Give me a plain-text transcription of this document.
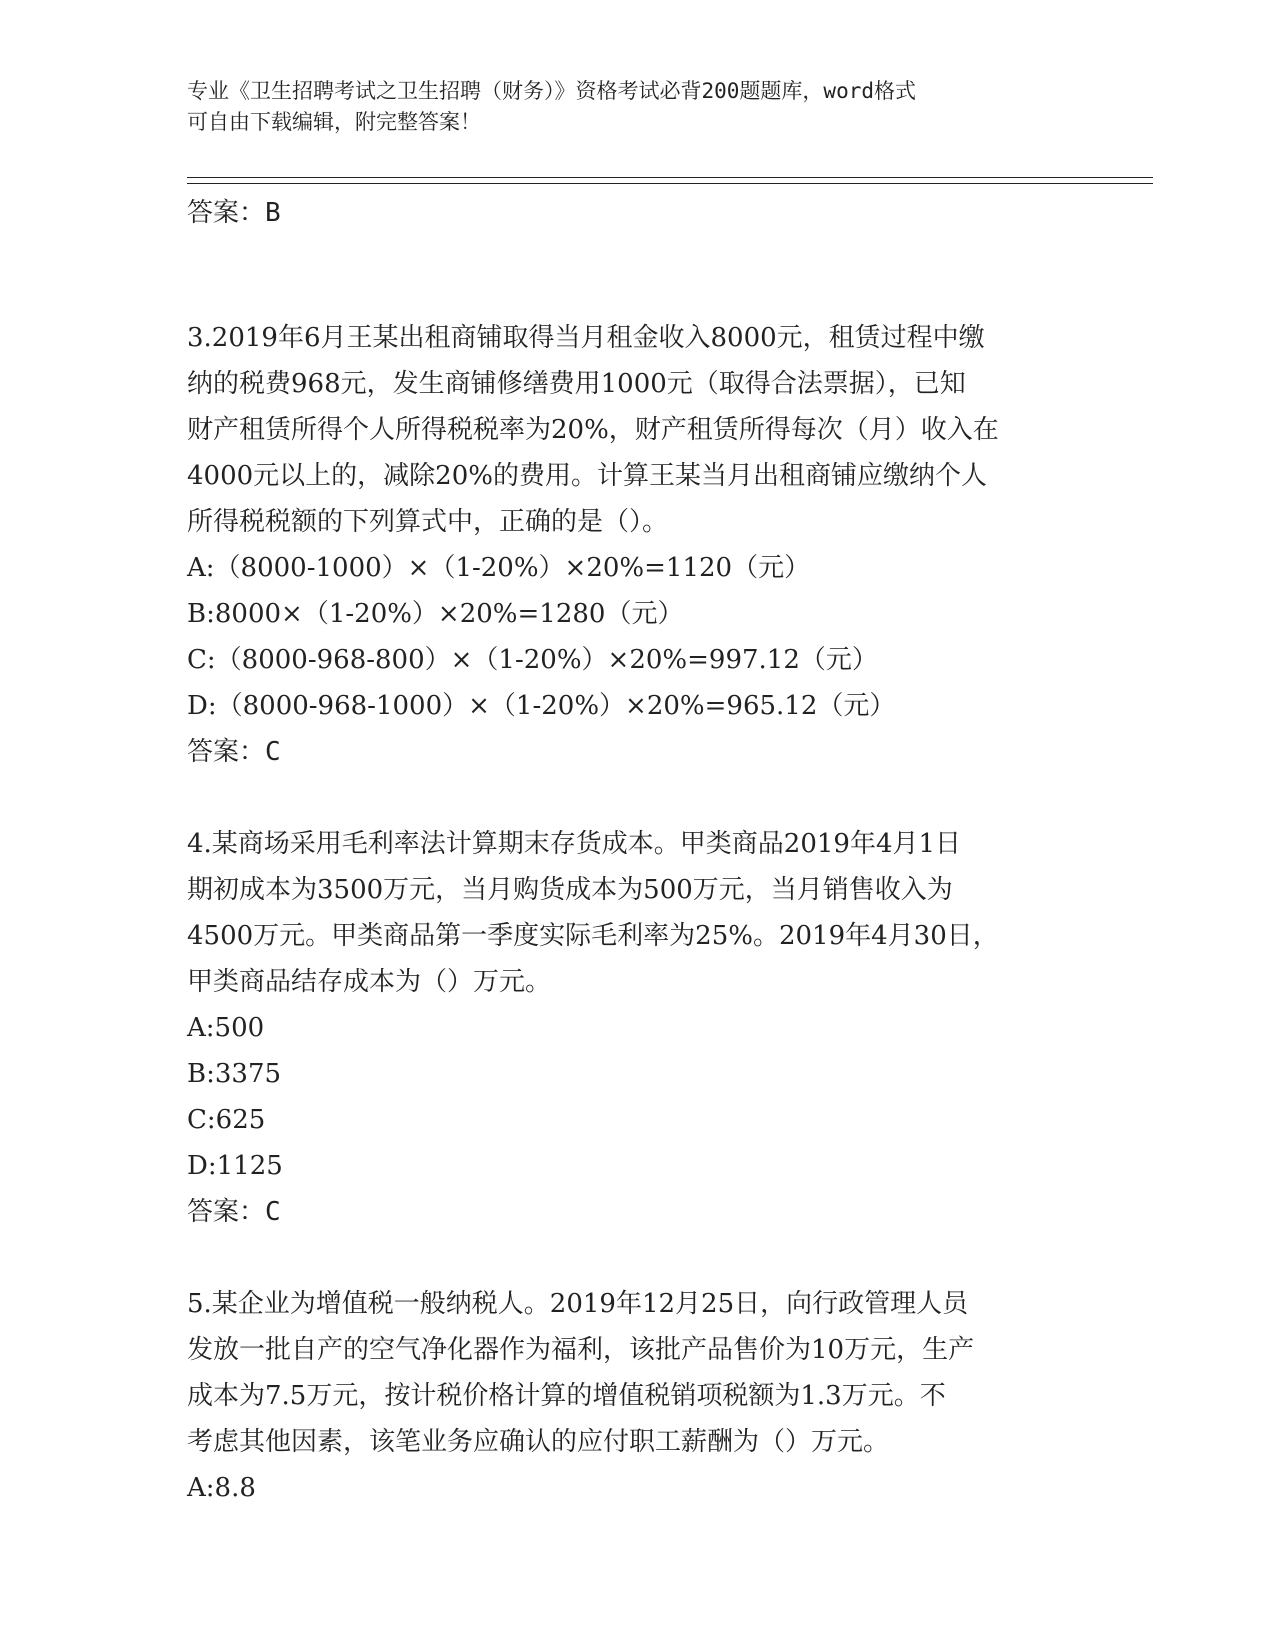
专业《卫生招聘考试之卫生招聘（财务）》资格考试必背200题题库，word格式
可自由下载编辑，附完整答案！
答案：B
3.2019年6月王某出租商铺取得当月租金收入8000元，租赁过程中缴
纳的税费968元，发生商铺修缮费用1000元（取得合法票据），已知
财产租赁所得个人所得税税率为20%，财产租赁所得每次（月）收入在
4000元以上的，减除20%的费用。计算王某当月出租商铺应缴纳个人
所得税税额的下列算式中，正确的是（）。
A:（8000-1000）×（1-20%）×20%=1120（元）
B:8000×（1-20%）×20%=1280（元）
C:（8000-968-800）×（1-20%）×20%=997.12（元）
D:（8000-968-1000）×（1-20%）×20%=965.12（元）
答案：C
4.某商场采用毛利率法计算期末存货成本。甲类商品2019年4月1日
期初成本为3500万元，当月购货成本为500万元，当月销售收入为
4500万元。甲类商品第一季度实际毛利率为25%。2019年4月30日，
甲类商品结存成本为（）万元。
A:500
B:3375
C:625
D:1125
答案：C
5.某企业为增值税一般纳税人。2019年12月25日，向行政管理人员
发放一批自产的空气净化器作为福利，该批产品售价为10万元，生产
成本为7.5万元，按计税价格计算的增值税销项税额为1.3万元。不
考虑其他因素，该笔业务应确认的应付职工薪酬为（）万元。
A:8.8
